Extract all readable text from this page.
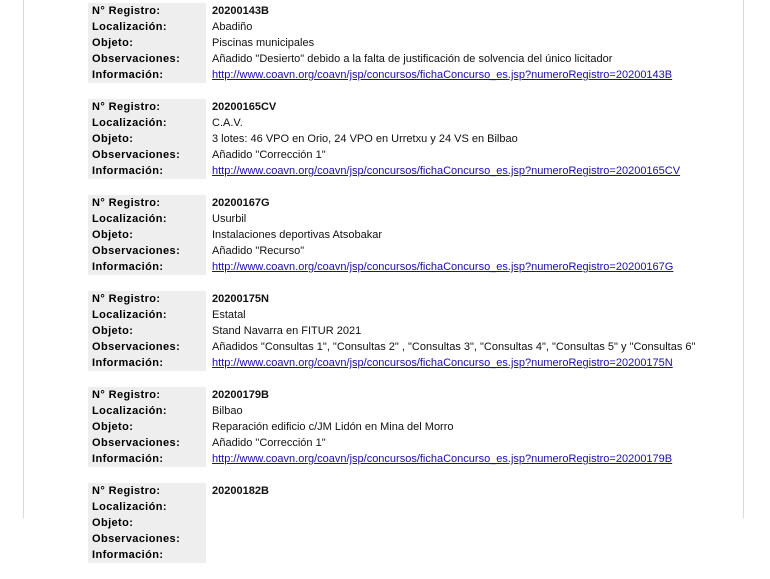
N° Registro:	20200143B
Localización:	Abadiño
Objeto:	Piscinas municipales
Observaciones:	Añadido "Desierto" debido a la falta de justificación de solvencia del único licitador
Información:	http://www.coavn.org/coavn/jsp/concursos/fichaConcurso_es.jsp?numeroRegistro=20200143B
N° Registro:	20200165CV
Localización:	C.A.V.
Objeto:	3 lotes: 46 VPO en Orio, 24 VPO en Urretxu y 24 VS en Bilbao
Observaciones:	Añadido "Corrección 1"
Información:	http://www.coavn.org/coavn/jsp/concursos/fichaConcurso_es.jsp?numeroRegistro=20200165CV
N° Registro:	20200167G
Localización:	Usurbil
Objeto:	Instalaciones deportivas Atsobakar
Observaciones:	Añadido "Recurso"
Información:	http://www.coavn.org/coavn/jsp/concursos/fichaConcurso_es.jsp?numeroRegistro=20200167G
N° Registro:	20200175N
Localización:	Estatal
Objeto:	Stand Navarra en FITUR 2021
Observaciones:	Añadidos "Consultas 1", "Consultas 2" , "Consultas 3", "Consultas 4", "Consultas 5" y "Consultas 6"
Información:	http://www.coavn.org/coavn/jsp/concursos/fichaConcurso_es.jsp?numeroRegistro=20200175N
N° Registro:	20200179B
Localización:	Bilbao
Objeto:	Reparación edificio c/JM Lidón en Mina del Morro
Observaciones:	Añadido "Corrección 1"
Información:	http://www.coavn.org/coavn/jsp/concursos/fichaConcurso_es.jsp?numeroRegistro=20200179B
N° Registro:	20200182B
Localización:
Objeto:
Observaciones:
Información:
